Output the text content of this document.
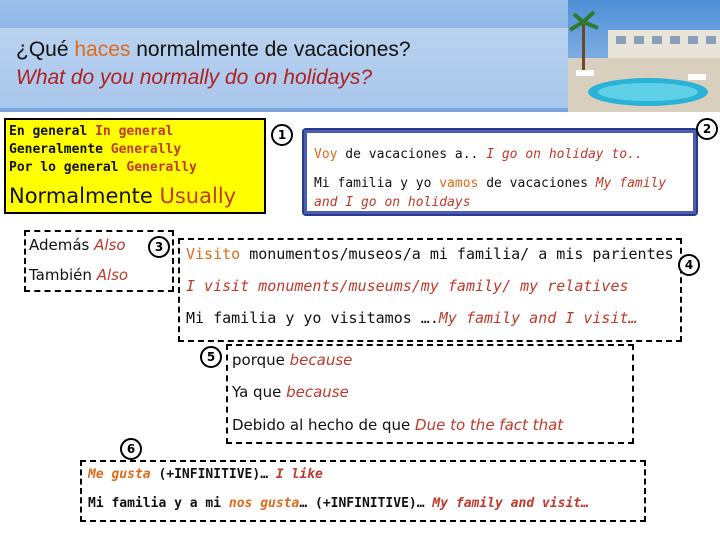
¿Qué haces normalmente de vacaciones?
What do you normally do on holidays?
En general In general
Generalmente Generally
Por lo general Generally
Normalmente Usually
1	2
Voy de vacaciones a.. I go on holiday to..
Mi familia y yo vamos de vacaciones My family
and I go on holidays
Además Also
También Also
3	Visito monumentos/museos/a mi familia/ a mis parientes
I visit monuments/museums/my family/ my relatives
Mi familia y yo visitamos ….My family and I visit…
4
5	porque because
Ya que because
Debido al hecho de que Due to the fact that
6
Me gusta (+INFINITIVE)… I like
Mi familia y a mi nos gusta… (+INFINITIVE)… My family and visit…
